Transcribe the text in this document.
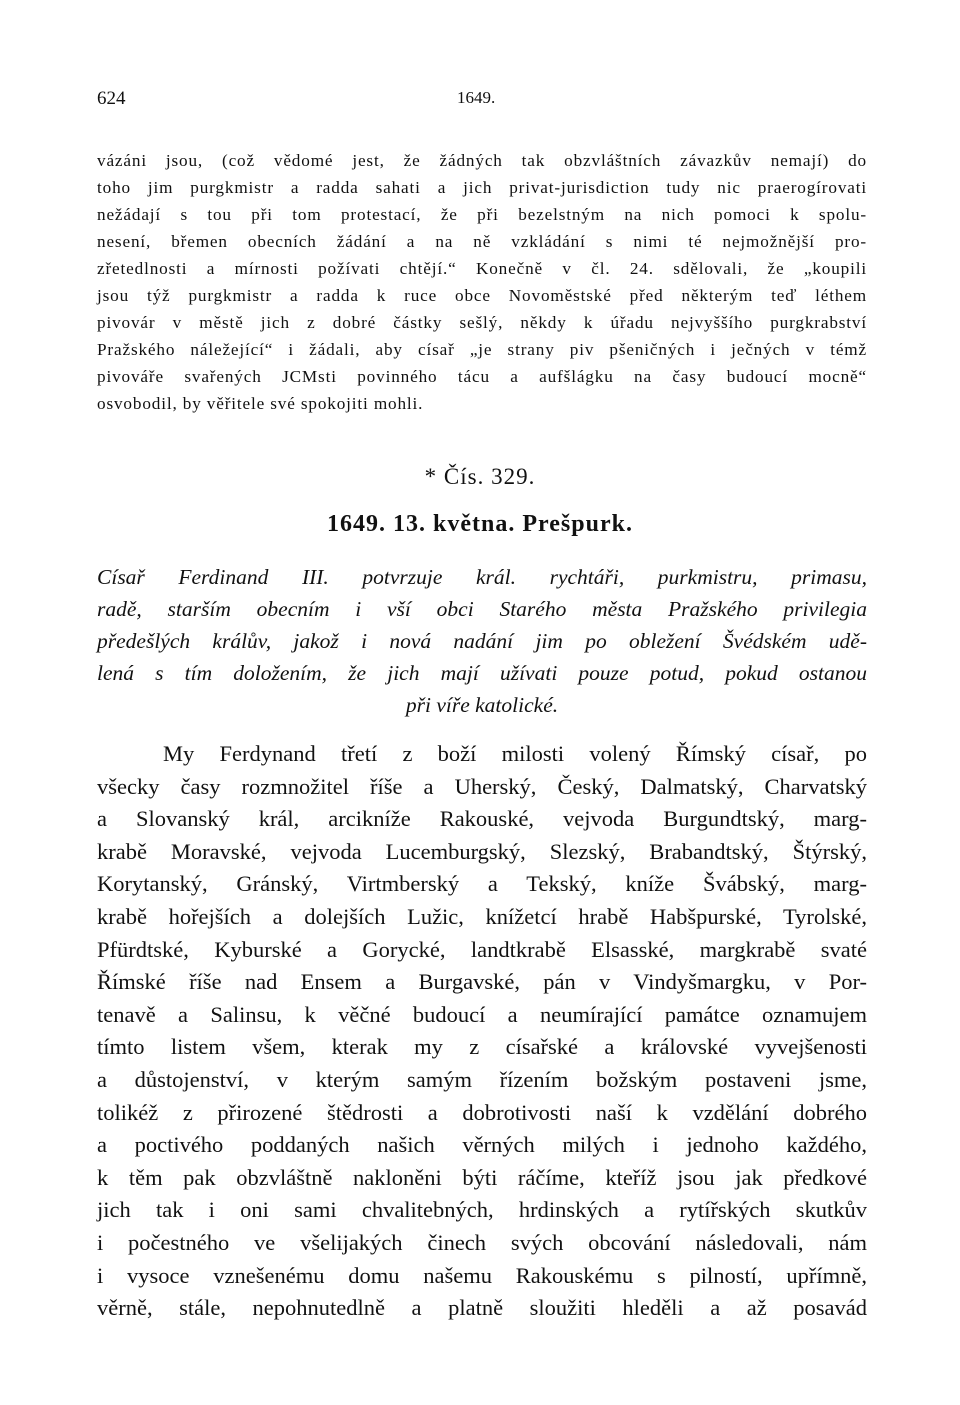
624	1649.
vázáni jsou, (což vědomé jest, že žádných tak obzvláštních závazkův nemají) do
toho jim purgkmistr a radda sahati a jich privat-jurisdiction tudy nic praerogírovati
nežádají s tou při tom protestací, že při bezelstným na nich pomoci k spolu-
nesení, břemen obecních žádání a na ně vzkládání s nimi té nejmožnější pro-
zřetedlnosti a mírnosti požívati chtějí.“ Konečně v čl. 24. sdělovali, že „koupili
jsou týž purgkmistr a radda k ruce obce Novoměstské před některým teď léthem
pivovár v městě jich z dobré částky sešlý, někdy k úřadu nejvyššího purgkrabství
Pražského náležející“ i žádali, aby císař „je strany piv pšeničných i ječných v témž
pivováře svařených JCMsti povinného tácu a aufšlágku na časy budoucí mocně“
osvobodil, by věřitele své spokojiti mohli.
* Čís. 329.
1649. 13. května. Prešpurk.
Císař Ferdinand III. potvrzuje král. rychtáři, purkmistru, primasu,
radě, starším obecním i vší obci Starého města Pražského privilegia
předešlých králův, jakož i nová nadání jim po obležení Švédském udě-
lená s tím doložením, že jich mají užívati pouze potud, pokud ostanou
při víře katolické.
My Ferdynand třetí z boží milosti volený Římský císař, po
všecky časy rozmnožitel říše a Uherský, Český, Dalmatský, Charvatský
a Slovanský král, arcikníže Rakouské, vejvoda Burgundtský, marg-
krabě Moravské, vejvoda Lucemburgský, Slezský, Brabandtský, Štýrský,
Korytanský, Gránský, Virtmberský a Tekský, kníže Švábský, marg-
krabě hořejších a dolejších Lužic, knížetcí hrabě Habšpurské, Tyrolské,
Pfürdtské, Kyburské a Gorycké, landtkrabě Elsasské, margkrabě svaté
Římské říše nad Ensem a Burgavské, pán v Vindyšmargku, v Por-
tenavě a Salinsu, k věčné budoucí a neumírající památce oznamujem
tímto listem všem, kterak my z císařské a královské vyvejšenosti
a důstojenství, v kterým samým řízením božským postaveni jsme,
tolikéž z přirozené štědrosti a dobrotivosti naší k vzdělání dobrého
a poctivého poddaných našich věrných milých i jednoho každého,
k těm pak obzvláštně nakloněni býti ráčíme, kteříž jsou jak předkové
jich tak i oni sami chvalitebných, hrdinských a rytířských skutkův
i počestného ve všelijakých činech svých obcování následovali, nám
i vysoce vznešenému domu našemu Rakouskému s pilností, upřímně,
věrně, stále, nepohnutedlně a platně sloužiti hleděli a až posavád
